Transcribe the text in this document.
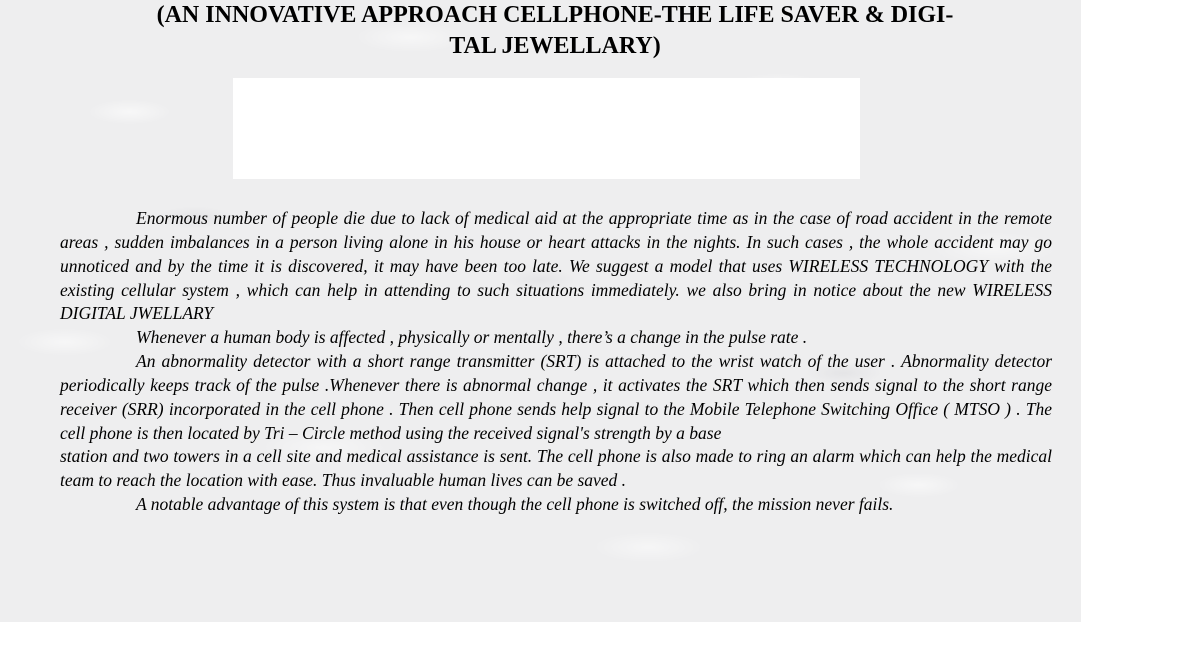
(AN INNOVATIVE APPROACH CELLPHONE-THE LIFE SAVER & DIGI-
TAL JEWELLARY)

Enormous number of people die due to lack of medical aid at the appropriate time as in the case of road accident in the remote areas , sudden imbalances in a person living alone in his house or heart attacks in the nights. In such cases , the whole accident may go unnoticed and by the time it is discovered, it may have been too late. We suggest a model that uses WIRELESS TECHNOLOGY with the existing cellular system , which can help in attending to such situations immediately. we also bring in notice about the new WIRELESS DIGITAL JWELLARY

Whenever a human body is affected , physically or mentally , there’s a change in the pulse rate .

An abnormality detector with a short range transmitter (SRT) is attached to the wrist watch of the user . Abnormality detector periodically keeps track of the pulse .Whenever there is abnormal change , it activates the SRT which then sends signal to the short range receiver (SRR) incorporated in the cell phone . Then cell phone sends help signal to the Mobile Telephone Switching Office ( MTSO ) . The cell phone is then located by Tri – Circle method using the received signal's strength by a base

station and two towers in a cell site and medical assistance is sent. The cell phone is also made to ring an alarm which can help the medical team to reach the location with ease. Thus invaluable human lives can be saved .

A notable advantage of this system is that even though the cell phone is switched off, the mission never fails.
